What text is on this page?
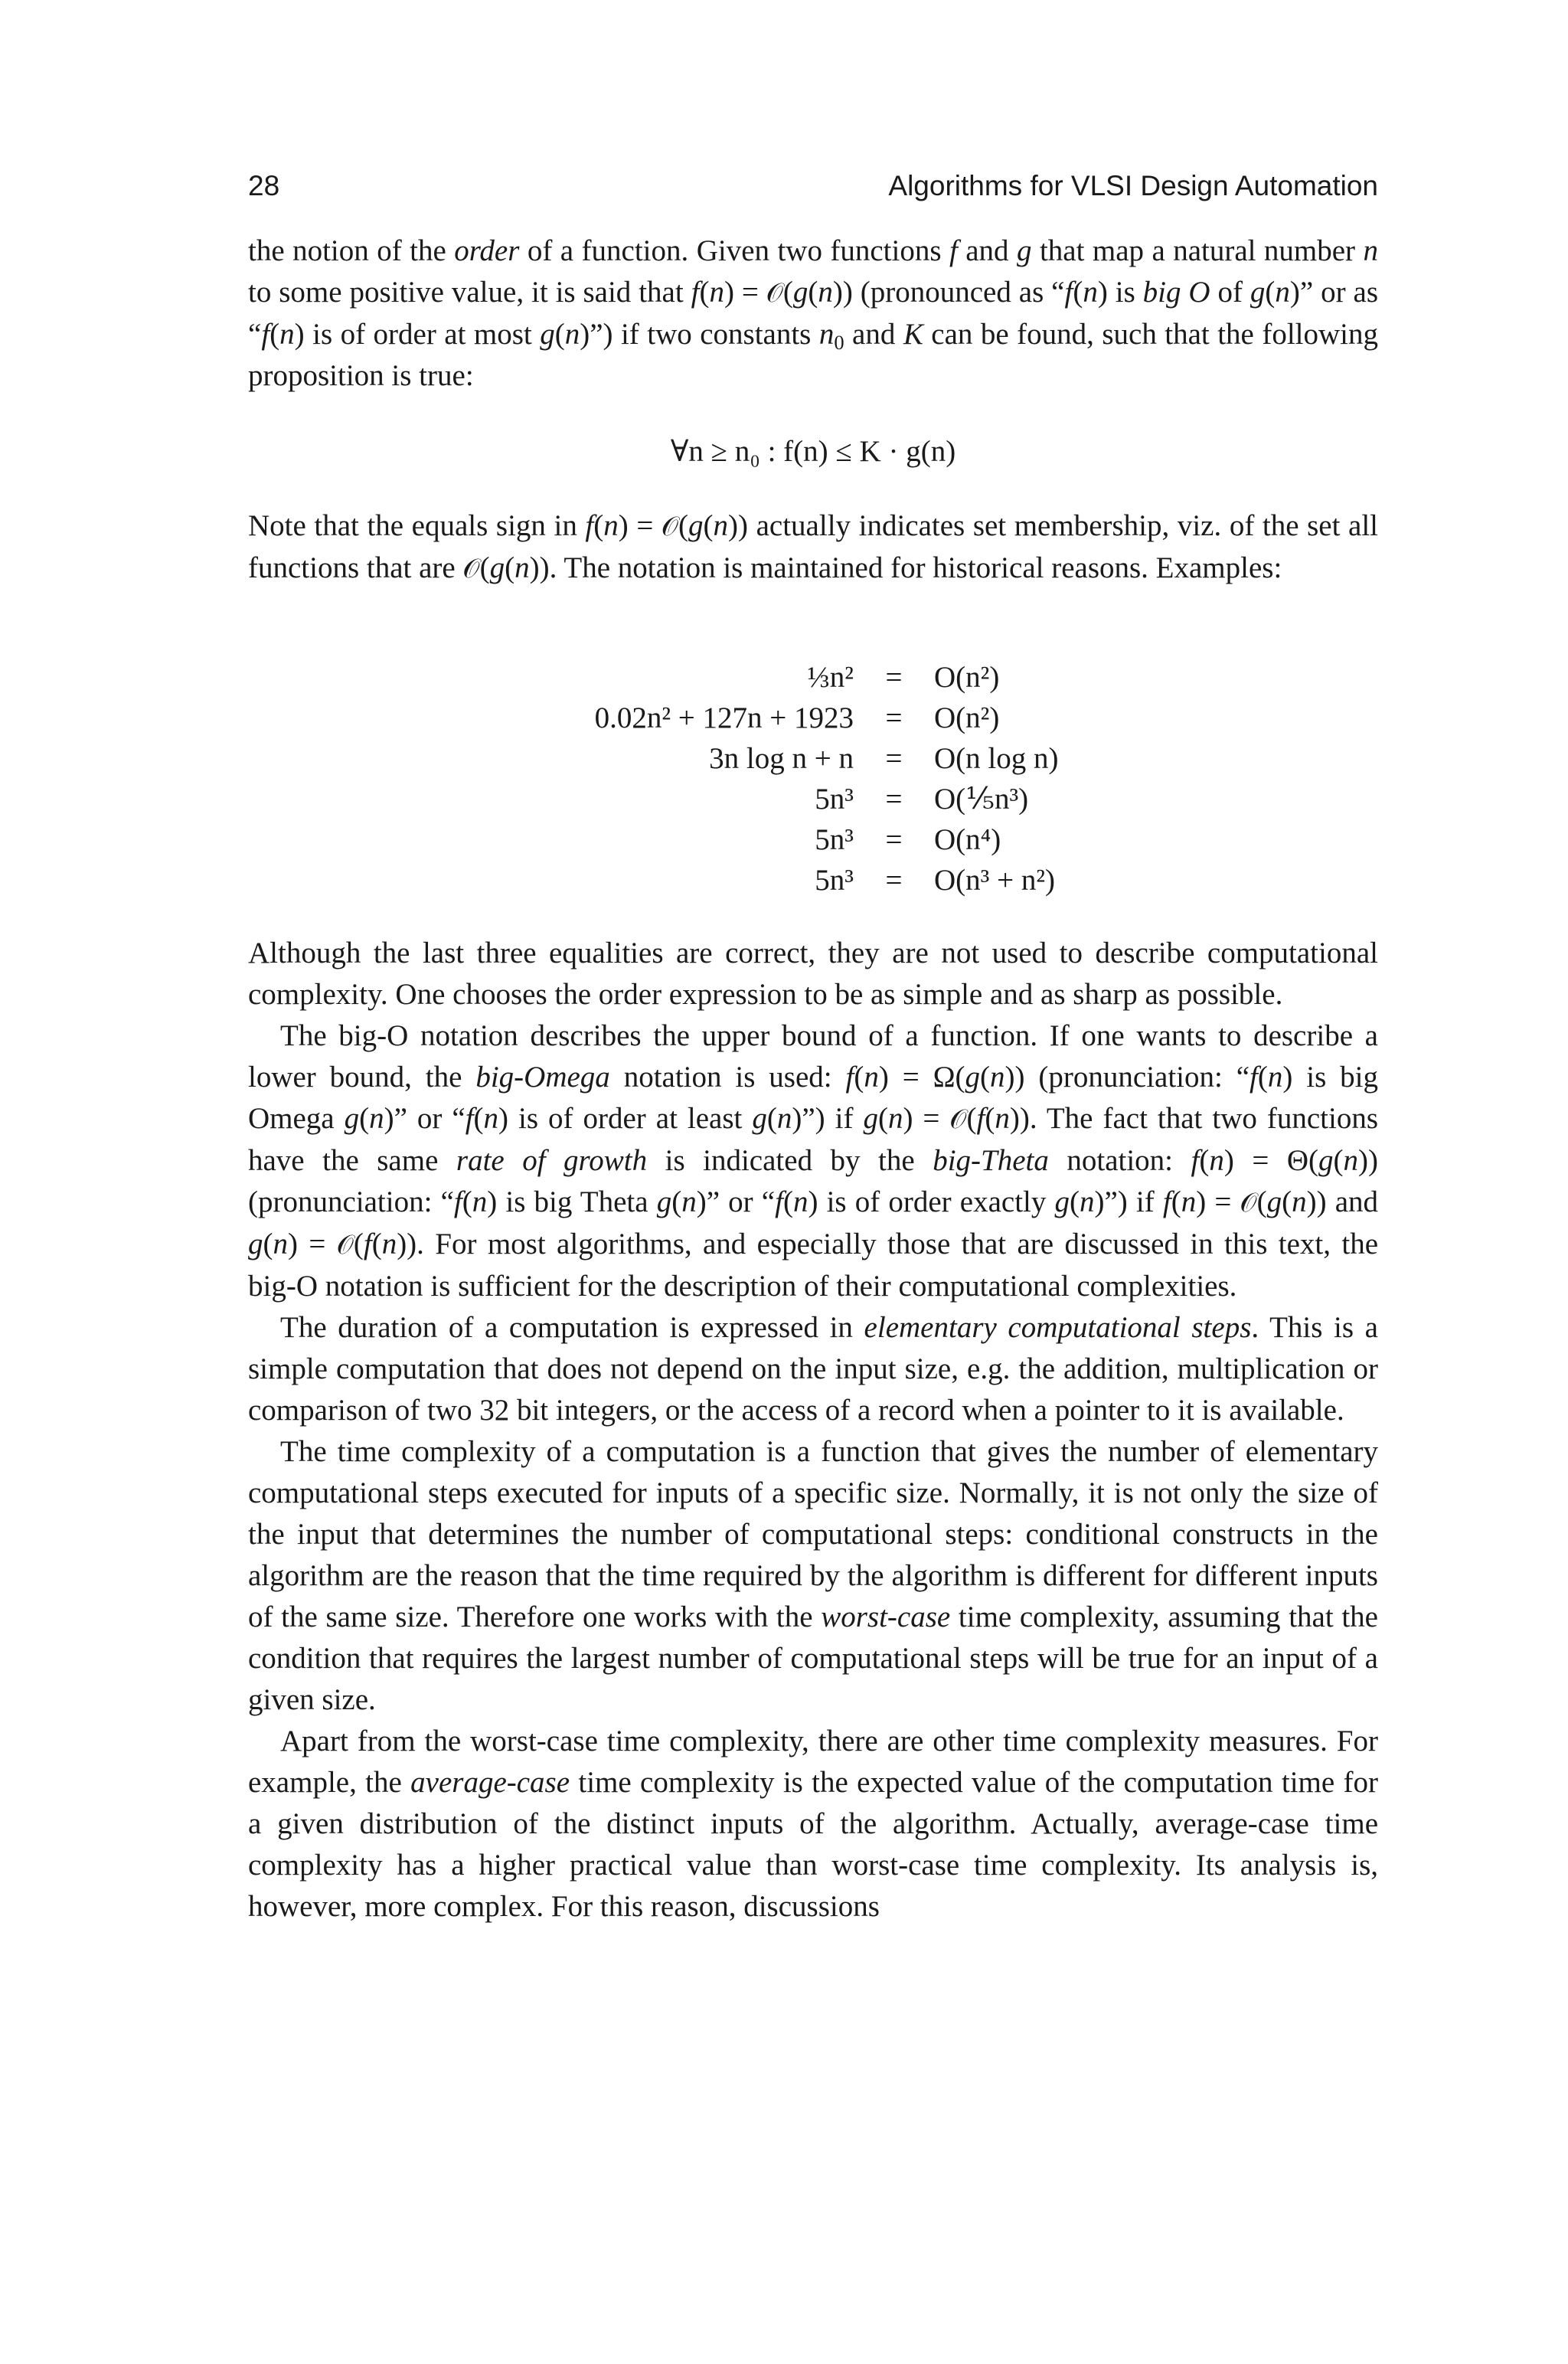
28	Algorithms for VLSI Design Automation

the notion of the order of a function. Given two functions f and g that map a natural number n to some positive value, it is said that f(n) = 𝒪(g(n)) (pronounced as “f(n) is big O of g(n)” or as “f(n) is of order at most g(n)”) if two constants $n_0$ and K can be found, such that the following proposition is true:

∀n ≥ n₀ : f(n) ≤ K · g(n)

Note that the equals sign in f(n) = 𝒪(g(n)) actually indicates set membership, viz. of the set all functions that are 𝒪(g(n)). The notation is maintained for historical reasons. Examples:

⅓n²	=	O(n²)
0.02n² + 127n + 1923	=	O(n²)
3n log n + n	=	O(n log n)
5n³	=	O(⅕n³)
5n³	=	O(n⁴)
5n³	=	O(n³ + n²)

Although the last three equalities are correct, they are not used to describe computational complexity. One chooses the order expression to be as simple and as sharp as possible.

The big-O notation describes the upper bound of a function. If one wants to describe a lower bound, the big-Omega notation is used: f(n) = Ω(g(n)) (pronunciation: “f(n) is big Omega g(n)” or “f(n) is of order at least g(n)”) if g(n) = 𝒪(f(n)). The fact that two functions have the same rate of growth is indicated by the big-Theta notation: f(n) = Θ(g(n)) (pronunciation: “f(n) is big Theta g(n)” or “f(n) is of order exactly g(n)”) if f(n) = 𝒪(g(n)) and g(n) = 𝒪(f(n)). For most algorithms, and especially those that are discussed in this text, the big-O notation is sufficient for the description of their computational complexities.

The duration of a computation is expressed in elementary computational steps. This is a simple computation that does not depend on the input size, e.g. the addition, multiplication or comparison of two 32 bit integers, or the access of a record when a pointer to it is available.

The time complexity of a computation is a function that gives the number of elementary computational steps executed for inputs of a specific size. Normally, it is not only the size of the input that determines the number of computational steps: conditional constructs in the algorithm are the reason that the time required by the algorithm is different for different inputs of the same size. Therefore one works with the worst-case time complexity, assuming that the condition that requires the largest number of computational steps will be true for an input of a given size.

Apart from the worst-case time complexity, there are other time complexity measures. For example, the average-case time complexity is the expected value of the computation time for a given distribution of the distinct inputs of the algorithm. Actually, average-case time complexity has a higher practical value than worst-case time complexity. Its analysis is, however, more complex. For this reason, discussions
